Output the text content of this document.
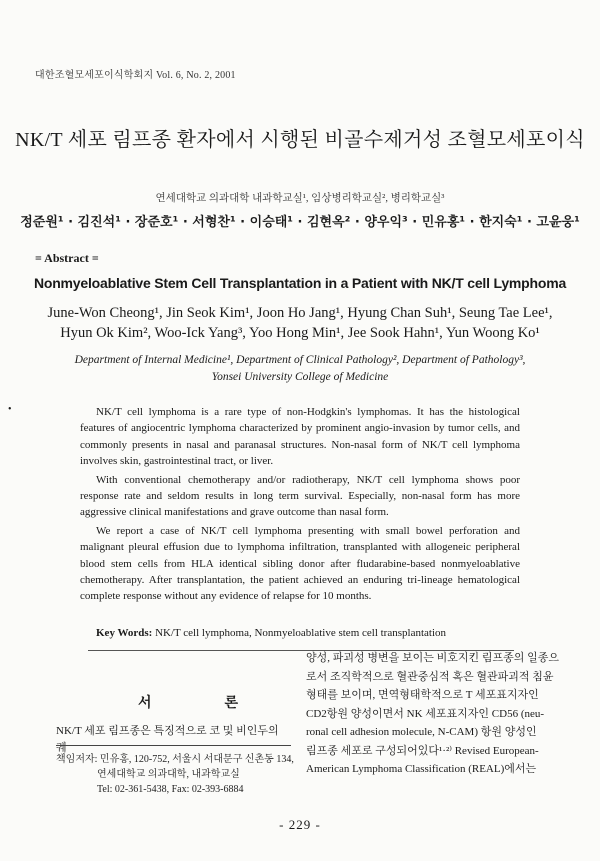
대한조혈모세포이식학회지 Vol. 6, No. 2, 2001
NK/T 세포 림프종 환자에서 시행된 비골수제거성 조혈모세포이식
연세대학교 의과대학 내과학교실¹, 임상병리학교실², 병리학교실³
정준원¹ · 김진석¹ · 장준호¹ · 서형찬¹ · 이승태¹ · 김현옥² · 양우익³ · 민유홍¹ · 한지숙¹ · 고윤웅¹
= Abstract =
Nonmyeloablative Stem Cell Transplantation in a Patient with NK/T cell Lymphoma
June-Won Cheong¹, Jin Seok Kim¹, Joon Ho Jang¹, Hyung Chan Suh¹, Seung Tae Lee¹,
Hyun Ok Kim², Woo-Ick Yang³, Yoo Hong Min¹, Jee Sook Hahn¹, Yun Woong Ko¹
Department of Internal Medicine¹, Department of Clinical Pathology², Department of Pathology³,
Yonsei University College of Medicine
•	NK/T cell lymphoma is a rare type of non-Hodgkin's lymphomas. It has the histological features of angiocentric lymphoma characterized by prominent angio-invasion by tumor cells, and commonly presents in nasal and paranasal structures. Non-nasal form of NK/T cell lymphoma involves skin, gastrointestinal tract, or liver.

With conventional chemotherapy and/or radiotherapy, NK/T cell lymphoma shows poor response rate and seldom results in long term survival. Especially, non-nasal form has more aggressive clinical manifestations and grave outcome than nasal form.

We report a case of NK/T cell lymphoma presenting with small bowel perforation and malignant pleural effusion due to lymphoma infiltration, transplanted with allogeneic peripheral blood stem cells from HLA identical sibling donor after fludarabine-based nonmyeloablative chemotherapy. After transplantation, the patient achieved an enduring tri-lineage hematological complete response without any evidence of relapse for 10 months.

Key Words: NK/T cell lymphoma, Nonmyeloablative stem cell transplantation
서	론
NK/T 세포 림프종은 특징적으로 코 및 비인두의 궤
책임저자: 민유홍, 120-752, 서울시 서대문구 신촌동 134,
연세대학교 의과대학, 내과학교실
Tel: 02-361-5438, Fax: 02-393-6884
양성, 파괴성 병변을 보이는 비호지킨 림프종의 일종으
로서 조직학적으로 혈관중심적 혹은 혈관파괴적 침윤
형태를 보이며, 면역형태학적으로 T 세포표지자인
CD2항원 양성이면서 NK 세포표지자인 CD56 (neu-
ronal cell adhesion molecule, N-CAM) 항원 양성인
림프종 세포로 구성되어있다¹·²⁾ Revised European-
American Lymphoma Classification (REAL)에서는
- 229 -
